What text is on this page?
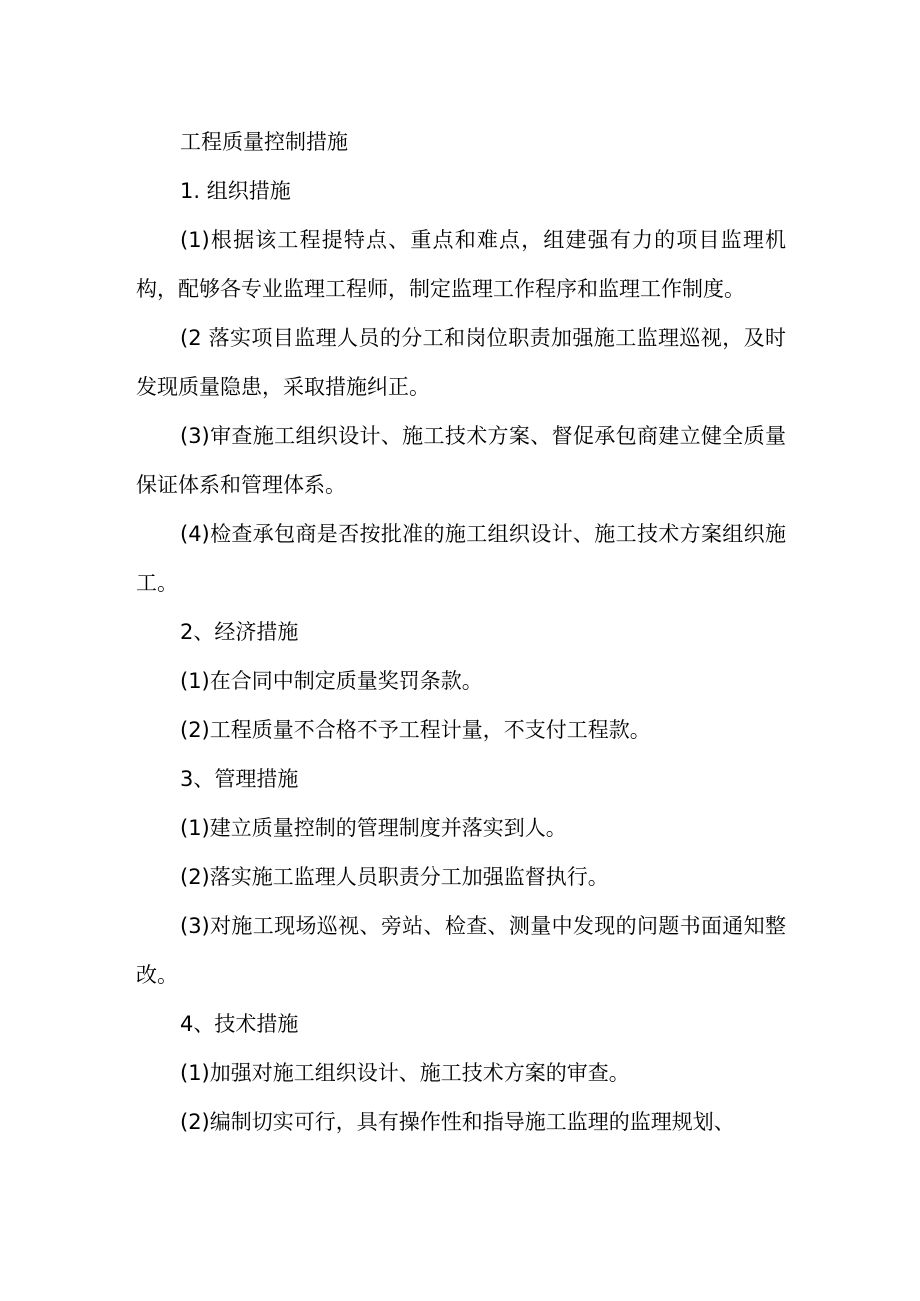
工程质量控制措施

1. 组织措施

(1)根据该工程提特点、重点和难点，组建强有力的项目监理机构，配够各专业监理工程师，制定监理工作程序和监理工作制度。

(2 落实项目监理人员的分工和岗位职责加强施工监理巡视，及时发现质量隐患，采取措施纠正。

(3)审查施工组织设计、施工技术方案、督促承包商建立健全质量保证体系和管理体系。

(4)检查承包商是否按批准的施工组织设计、施工技术方案组织施工。

2、经济措施

(1)在合同中制定质量奖罚条款。

(2)工程质量不合格不予工程计量，不支付工程款。

3、管理措施

(1)建立质量控制的管理制度并落实到人。

(2)落实施工监理人员职责分工加强监督执行。

(3)对施工现场巡视、旁站、检查、测量中发现的问题书面通知整改。

4、技术措施

(1)加强对施工组织设计、施工技术方案的审查。

(2)编制切实可行，具有操作性和指导施工监理的监理规划、
